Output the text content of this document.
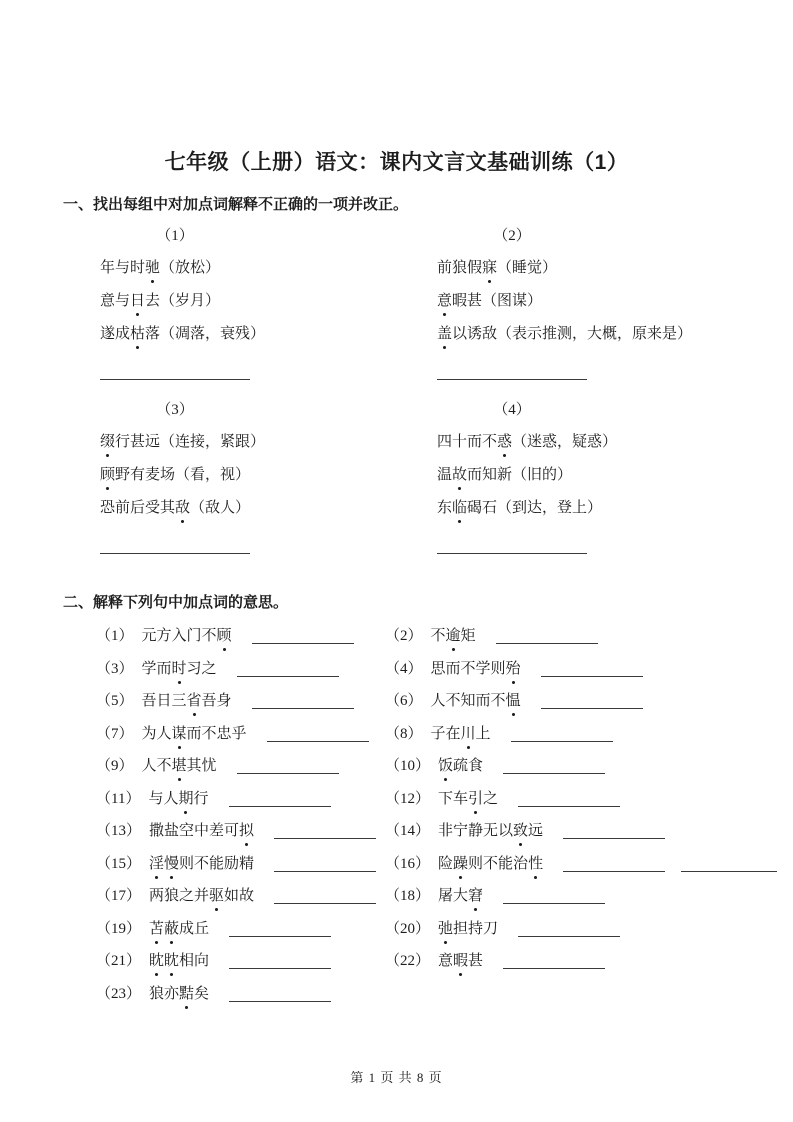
七年级（上册）语文：课内文言文基础训练（1）
一、找出每组中对加点词解释不正确的一项并改正。
（1）
年与时驰（放松）
意与日去（岁月）
遂成枯落（凋落，衰残）
（2）
前狼假寐（睡觉）
意暇甚（图谋）
盖以诱敌（表示推测，大概，原来是）
（3）
缀行甚远（连接，紧跟）
顾野有麦场（看，视）
恐前后受其敌（敌人）
（4）
四十而不惑（迷惑，疑惑）
温故而知新（旧的）
东临碣石（到达，登上）
二、解释下列句中加点词的意思。
（1） 元方入门不顾	（2） 不逾矩
（3） 学而时习之	（4） 思而不学则殆
（5） 吾日三省吾身	（6） 人不知而不愠
（7） 为人谋而不忠乎	（8） 子在川上
（9） 人不堪其忧	（10） 饭疏食
（11） 与人期行	（12） 下车引之
（13） 撒盐空中差可拟	（14） 非宁静无以致远
（15） 淫慢则不能励精	（16） 险躁则不能治性
（17） 两狼之并驱如故	（18） 屠大窘
（19） 苫蔽成丘	（20） 弛担持刀
（21） 眈眈相向	（22） 意暇甚
（23） 狼亦黠矣
第 1 页 共 8 页
